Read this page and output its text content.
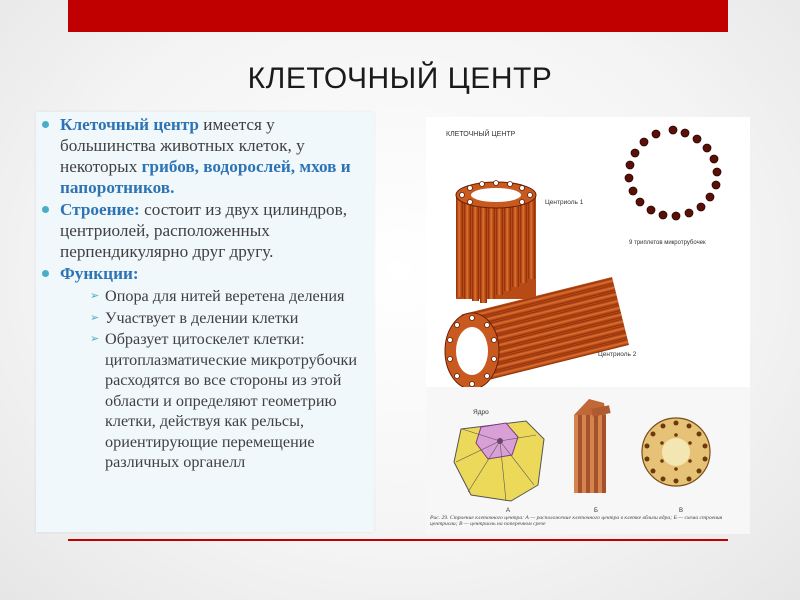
КЛЕТОЧНЫЙ ЦЕНТР
Клеточный центр имеется у большинства животных клеток, у некоторых грибов, водорослей, мхов и папоротников.
Строение: состоит из двух цилиндров, центриолей, расположенных перпендикулярно друг другу.
Функции:
➢ Опора для нитей веретена деления
➢ Участвует в делении клетки
➢ Образует цитоскелет клетки: цитоплазматические микротрубочки расходятся во все стороны из этой области и определяют геометрию клетки, действуя как рельсы, ориентирующие перемещение различных органелл
КЛЕТОЧНЫЙ ЦЕНТР
Центриоль 1
9 триплетов микротрубочек
Центриоль 2
Ядро
А	Б	В
Рис. 29. Строение клеточного центра: А — расположение клеточного центра в клетке вблизи ядра; Б — схема строения центриоли; В — центриоль на поперечном срезе
